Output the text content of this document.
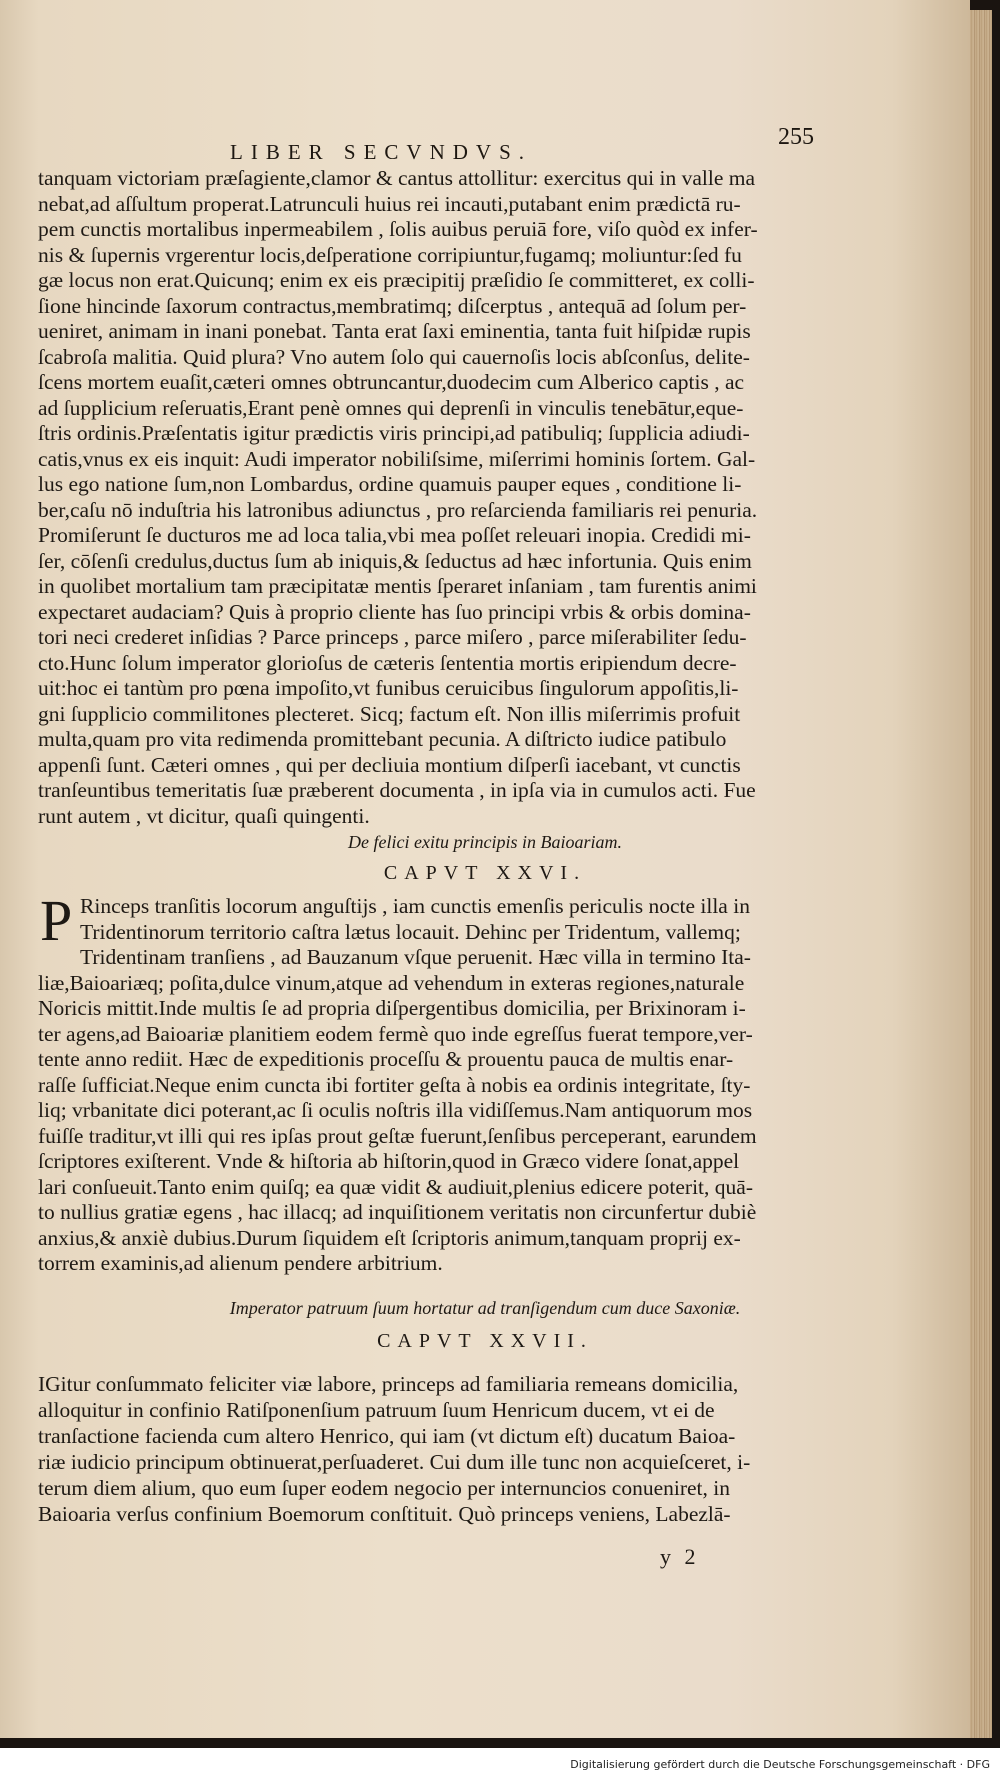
LIBER SECVNDVS.
255
tanquam victoriam præſagiente,clamor & cantus attollitur: exercitus qui in valle ma
nebat,ad aſſultum properat.Latrunculi huius rei incauti,putabant enim prædictā ru-
pem cunctis mortalibus inpermeabilem , ſolis auibus peruiā fore, viſo quòd ex infer-
nis & ſupernis vrgerentur locis,deſperatione corripiuntur,fugamq; moliuntur:ſed fu
gæ locus non erat.Quicunq; enim ex eis præcipitij præſidio ſe committeret, ex colli-
ſione hincinde ſaxorum contractus,membratimq; diſcerptus , antequā ad ſolum per-
ueniret, animam in inani ponebat. Tanta erat ſaxi eminentia, tanta fuit hiſpidæ rupis
ſcabroſa malitia. Quid plura? Vno autem ſolo qui cauernoſis locis abſconſus, delite-
ſcens mortem euaſit,cæteri omnes obtruncantur,duodecim cum Alberico captis , ac
ad ſupplicium reſeruatis,Erant penè omnes qui deprenſi in vinculis tenebātur,eque-
ſtris ordinis.Præſentatis igitur prædictis viris principi,ad patibuliq; ſupplicia adiudi-
catis,vnus ex eis inquit: Audi imperator nobiliſsime, miſerrimi hominis ſortem. Gal-
lus ego natione ſum,non Lombardus, ordine quamuis pauper eques , conditione li-
ber,caſu nō induſtria his latronibus adiunctus , pro reſarcienda familiaris rei penuria.
Promiſerunt ſe ducturos me ad loca talia,vbi mea poſſet releuari inopia. Credidi mi-
ſer, cōſenſi credulus,ductus ſum ab iniquis,& ſeductus ad hæc infortunia. Quis enim
in quolibet mortalium tam præcipitatæ mentis ſperaret inſaniam , tam furentis animi
expectaret audaciam? Quis à proprio cliente has ſuo principi vrbis & orbis domina-
tori neci crederet inſidias ? Parce princeps , parce miſero , parce miſerabiliter ſedu-
cto.Hunc ſolum imperator glorioſus de cæteris ſententia mortis eripiendum decre-
uit:hoc ei tantùm pro pœna impoſito,vt funibus ceruicibus ſingulorum appoſitis,li-
gni ſupplicio commilitones plecteret. Sicq; factum eſt. Non illis miſerrimis profuit
multa,quam pro vita redimenda promittebant pecunia. A diſtricto iudice patibulo
appenſi ſunt. Cæteri omnes , qui per decliuia montium diſperſi iacebant, vt cunctis
tranſeuntibus temeritatis ſuæ præberent documenta , in ipſa via in cumulos acti. Fue
runt autem , vt dicitur, quaſi quingenti.
De felici exitu principis in Baioariam.
CAPVT XXVI.
P Rinceps tranſitis locorum anguſtijs , iam cunctis emenſis periculis nocte illa in
Tridentinorum territorio caſtra lætus locauit. Dehinc per Tridentum, vallemq;
Tridentinam tranſiens , ad Bauzanum vſque peruenit. Hæc villa in termino Ita-
liæ,Baioariæq; poſita,dulce vinum,atque ad vehendum in exteras regiones,naturale
Noricis mittit.Inde multis ſe ad propria diſpergentibus domicilia, per Brixinoram i-
ter agens,ad Baioariæ planitiem eodem fermè quo inde egreſſus fuerat tempore,ver-
tente anno rediit. Hæc de expeditionis proceſſu & prouentu pauca de multis enar-
raſſe ſufficiat.Neque enim cuncta ibi fortiter geſta à nobis ea ordinis integritate, ſty-
liq; vrbanitate dici poterant,ac ſi oculis noſtris illa vidiſſemus.Nam antiquorum mos
fuiſſe traditur,vt illi qui res ipſas prout geſtæ fuerunt,ſenſibus perceperant, earundem
ſcriptores exiſterent. Vnde & hiſtoria ab hiſtorin,quod in Græco videre ſonat,appel
lari conſueuit.Tanto enim quiſq; ea quæ vidit & audiuit,plenius edicere poterit, quā-
to nullius gratiæ egens , hac illacq; ad inquiſitionem veritatis non circunfertur dubiè
anxius,& anxiè dubius.Durum ſiquidem eſt ſcriptoris animum,tanquam proprij ex-
torrem examinis,ad alienum pendere arbitrium.
Imperator patruum ſuum hortatur ad tranſigendum cum duce Saxoniæ.
CAPVT XXVII.
IGitur conſummato feliciter viæ labore, princeps ad familiaria remeans domicilia,
alloquitur in confinio Ratiſponenſium patruum ſuum Henricum ducem, vt ei de
tranſactione facienda cum altero Henrico, qui iam (vt dictum eſt) ducatum Baioa-
riæ iudicio principum obtinuerat,perſuaderet. Cui dum ille tunc non acquieſceret, i-
terum diem alium, quo eum ſuper eodem negocio per internuncios conueniret, in
Baioaria verſus confinium Boemorum conſtituit. Quò princeps veniens, Labezlā-
y 2
Digitalisierung gefördert durch die Deutsche Forschungsgemeinschaft · DFG
